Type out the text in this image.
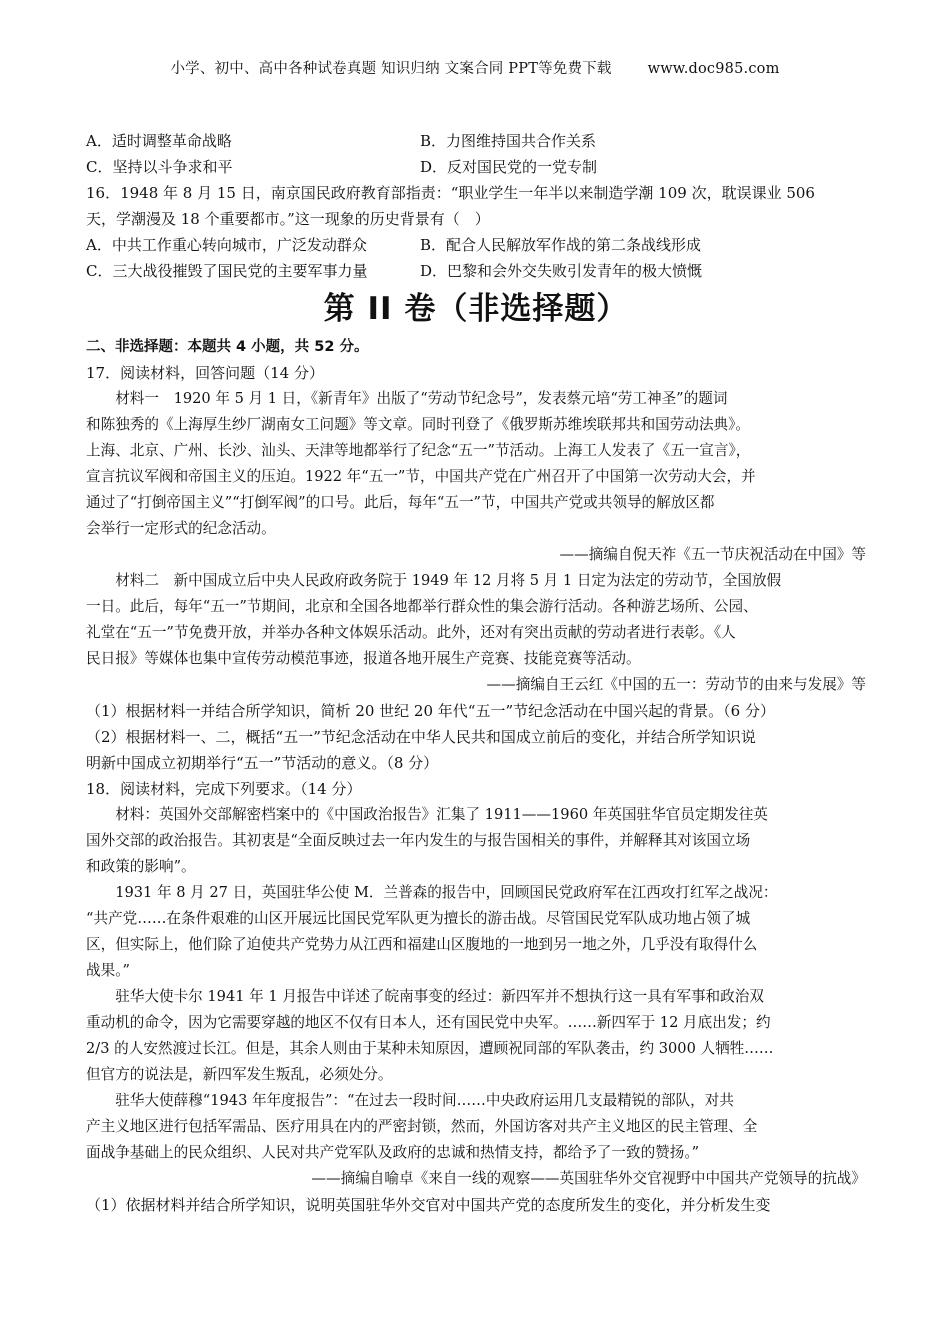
小学、初中、高中各种试卷真题 知识归纳 文案合同 PPT等免费下载 www.doc985.com
A．适时调整革命战略	B．力图维持国共合作关系
C．坚持以斗争求和平	D．反对国民党的一党专制

16．1948 年 8 月 15 日，南京国民政府教育部指责：“职业学生一年半以来制造学潮 109 次，耽误课业 506

天，学潮漫及 18 个重要都市。”这一现象的历史背景有（　）

A．中共工作重心转向城市，广泛发动群众	B．配合人民解放军作战的第二条战线形成
C．三大战役摧毁了国民党的主要军事力量	D．巴黎和会外交失败引发青年的极大愤慨
第 II 卷（非选择题）

二、非选择题：本题共 4 小题，共 52 分。

17．阅读材料，回答问题（14 分）

材料一　1920 年 5 月 1 日，《新青年》出版了“劳动节纪念号”，发表蔡元培“劳工神圣”的题词

和陈独秀的《上海厚生纱厂湖南女工问题》等文章。同时刊登了《俄罗斯苏维埃联邦共和国劳动法典》。

上海、北京、广州、长沙、汕头、天津等地都举行了纪念“五一”节活动。上海工人发表了《五一宣言》，

宣言抗议军阀和帝国主义的压迫。1922 年“五一”节，中国共产党在广州召开了中国第一次劳动大会，并

通过了“打倒帝国主义”“打倒军阀”的口号。此后，每年“五一”节，中国共产党或共领导的解放区都

会举行一定形式的纪念活动。

——摘编自倪天祚《五一节庆祝活动在中国》等

材料二　新中国成立后中央人民政府政务院于 1949 年 12 月将 5 月 1 日定为法定的劳动节，全国放假

一日。此后，每年“五一”节期间，北京和全国各地都举行群众性的集会游行活动。各种游艺场所、公园、

礼堂在“五一”节免费开放，并举办各种文体娱乐活动。此外，还对有突出贡献的劳动者进行表彰。《人

民日报》等媒体也集中宣传劳动模范事迹，报道各地开展生产竞赛、技能竞赛等活动。

——摘编自王云红《中国的五一：劳动节的由来与发展》等

（1）根据材料一并结合所学知识，简析 20 世纪 20 年代“五一”节纪念活动在中国兴起的背景。（6 分）

（2）根据材料一、二，概括“五一”节纪念活动在中华人民共和国成立前后的变化，并结合所学知识说

明新中国成立初期举行“五一”节活动的意义。（8 分）

18．阅读材料，完成下列要求。（14 分）

材料：英国外交部解密档案中的《中国政治报告》汇集了 1911——1960 年英国驻华官员定期发往英

国外交部的政治报告。其初衷是“全面反映过去一年内发生的与报告国相关的事件，并解释其对该国立场

和政策的影响”。

1931 年 8 月 27 日，英国驻华公使 M．兰普森的报告中，回顾国民党政府军在江西攻打红军之战况：

“共产党……在条件艰难的山区开展远比国民党军队更为擅长的游击战。尽管国民党军队成功地占领了城

区，但实际上，他们除了迫使共产党势力从江西和福建山区腹地的一地到另一地之外，几乎没有取得什么

战果。”

驻华大使卡尔 1941 年 1 月报告中详述了皖南事变的经过：新四军并不想执行这一具有军事和政治双

重动机的命令，因为它需要穿越的地区不仅有日本人，还有国民党中央军。……新四军于 12 月底出发；约

2/3 的人安然渡过长江。但是，其余人则由于某种未知原因，遭顾祝同部的军队袭击，约 3000 人牺牲……

但官方的说法是，新四军发生叛乱，必须处分。

驻华大使薛穆“1943 年年度报告”：“在过去一段时间……中央政府运用几支最精锐的部队，对共

产主义地区进行包括军需品、医疗用具在内的严密封锁，然而，外国访客对共产主义地区的民主管理、全

面战争基础上的民众组织、人民对共产党军队及政府的忠诚和热情支持，都给予了一致的赞扬。”

——摘编自喻卓《来自一线的观察——英国驻华外交官视野中中国共产党领导的抗战》

（1）依据材料并结合所学知识，说明英国驻华外交官对中国共产党的态度所发生的变化，并分析发生变
